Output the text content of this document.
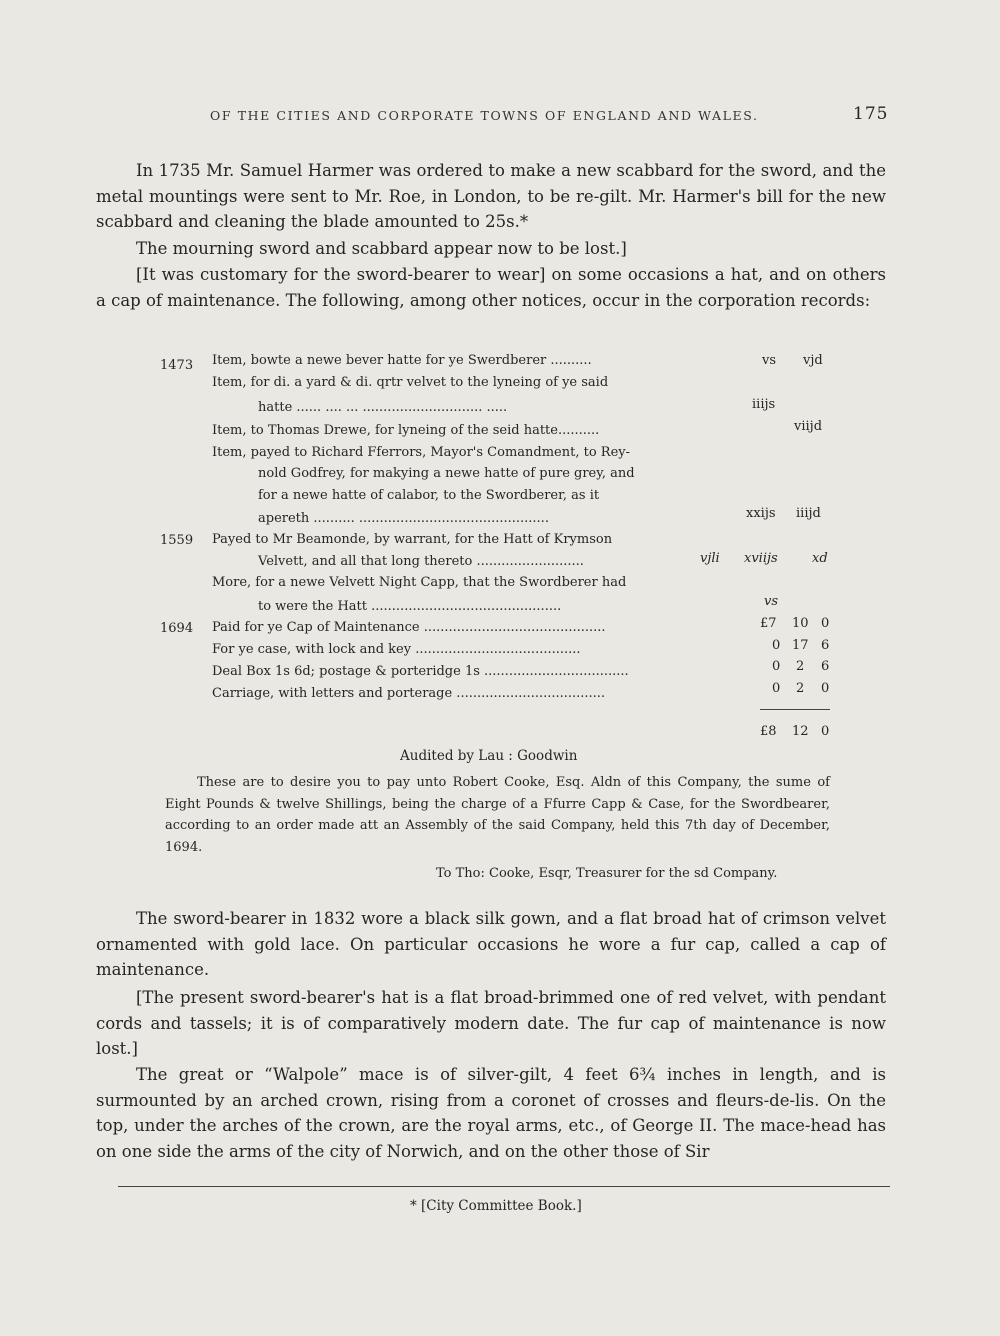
OF THE CITIES AND CORPORATE TOWNS OF ENGLAND AND WALES.	175

In 1735 Mr. Samuel Harmer was ordered to make a new scabbard for the sword, and the metal mountings were sent to Mr. Roe, in London, to be re-gilt. Mr. Harmer's bill for the new scabbard and cleaning the blade amounted to 25s.*

The mourning sword and scabbard appear now to be lost.]

[It was customary for the sword-bearer to wear] on some occasions a hat, and on others a cap of maintenance. The following, among other notices, occur in the corporation records:

1473
1559
1694
Item, bowte a newe bever hatte for ye Swerdberer ..........
Item, for di. a yard & di. qrtr velvet to the lyneing of ye said
hatte ...... .... ... ............................. .....
Item, to Thomas Drewe, for lyneing of the seid hatte..........
Item, payed to Richard Fferrors, Mayor's Comandment, to Rey-
nold Godfrey, for makying a newe hatte of pure grey, and
for a newe hatte of calabor, to the Swordberer, as it
apereth .......... ..............................................
Payed to Mr Beamonde, by warrant, for the Hatt of Krymson
Velvett, and all that long thereto ..........................
More, for a newe Velvett Night Capp, that the Swordberer had
to were the Hatt ..............................................
Paid for ye Cap of Maintenance ............................................
For ye case, with lock and key ........................................
Deal Box 1s 6d; postage & porteridge 1s ...................................
Carriage, with letters and porterage ....................................
vs vjd
iiijs
viijd
xxijs iiijd
vjli xviijs	xd
vs
£7 10 0
0 17 6
0 2 6
0 2 0
£8 12 0
Audited by Lau : Goodwin

These are to desire you to pay unto Robert Cooke, Esq. Aldn of this Company, the sume of Eight Pounds & twelve Shillings, being the charge of a Ffurre Capp & Case, for the Swordbearer, according to an order made att an Assembly of the said Company, held this 7th day of December, 1694.

To Tho: Cooke, Esqr, Treasurer for the sd Company.

The sword-bearer in 1832 wore a black silk gown, and a flat broad hat of crimson velvet ornamented with gold lace. On particular occasions he wore a fur cap, called a cap of maintenance.

[The present sword-bearer's hat is a flat broad-brimmed one of red velvet, with pendant cords and tassels; it is of comparatively modern date. The fur cap of maintenance is now lost.]

The great or “Walpole” mace is of silver-gilt, 4 feet 6¾ inches in length, and is surmounted by an arched crown, rising from a coronet of crosses and fleurs-de-lis. On the top, under the arches of the crown, are the royal arms, etc., of George II. The mace-head has on one side the arms of the city of Norwich, and on the other those of Sir

* [City Committee Book.]
